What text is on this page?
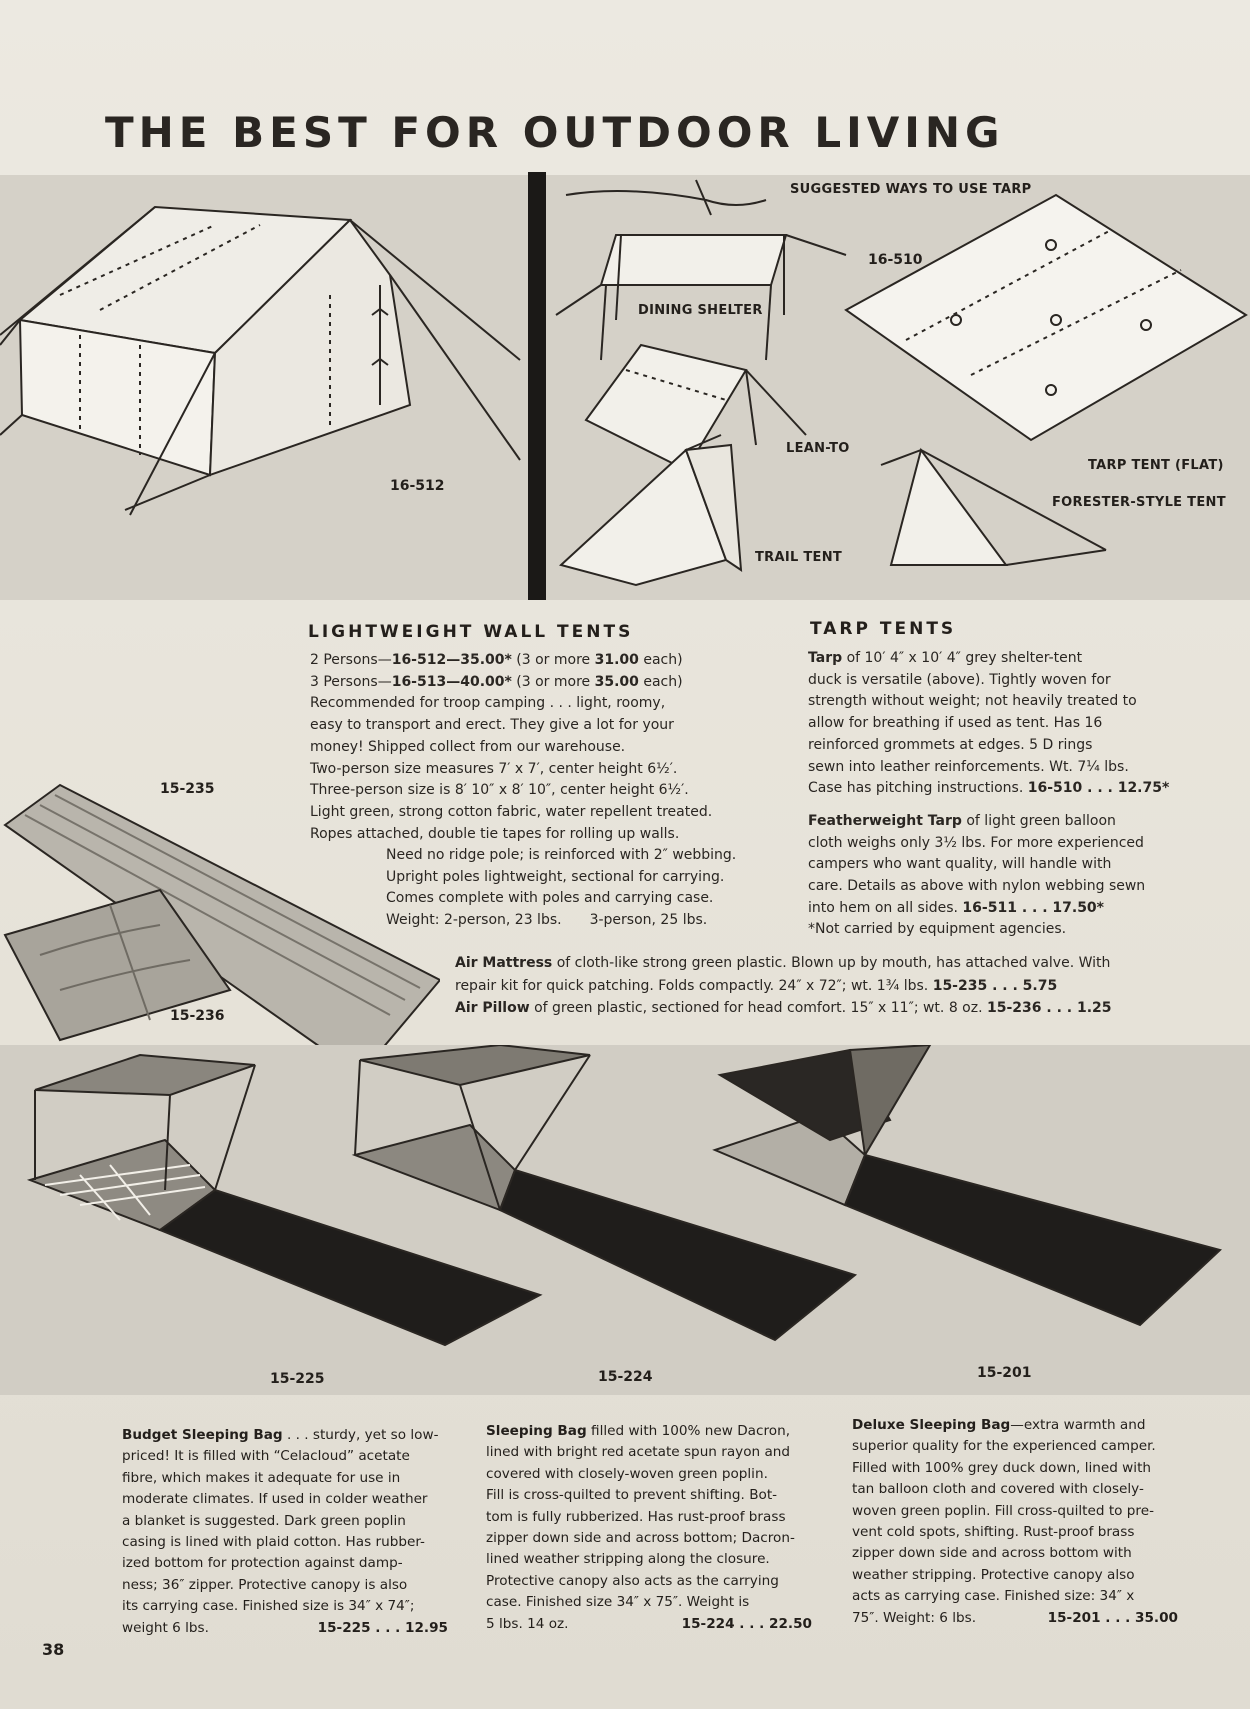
THE BEST FOR OUTDOOR LIVING
16-512
SUGGESTED WAYS TO USE TARP
16-510
DINING SHELTER
LEAN-TO
TRAIL TENT
TARP TENT (FLAT)
FORESTER-STYLE TENT
15-235
15-236
LIGHTWEIGHT WALL TENTS

2 Persons—16-512—35.00* (3 or more 31.00 each)

3 Persons—16-513—40.00* (3 or more 35.00 each)

Recommended for troop camping . . . light, roomy,

easy to transport and erect. They give a lot for your

money! Shipped collect from our warehouse.

Two-person size measures 7′ x 7′, center height 6½′.

Three-person size is 8′ 10″ x 8′ 10″, center height 6½′.

Light green, strong cotton fabric, water repellent treated.

Ropes attached, double tie tapes for rolling up walls.

Need no ridge pole; is reinforced with 2″ webbing.

Upright poles lightweight, sectional for carrying.

Comes complete with poles and carrying case.

Weight: 2-person, 23 lbs. 3-person, 25 lbs.

TARP TENTS

Tarp of 10′ 4″ x 10′ 4″ grey shelter-tent

duck is versatile (above). Tightly woven for

strength without weight; not heavily treated to

allow for breathing if used as tent. Has 16

reinforced grommets at edges. 5 D rings

sewn into leather reinforcements. Wt. 7¼ lbs.

Case has pitching instructions. 16-510 . . . 12.75*

Featherweight Tarp of light green balloon

cloth weighs only 3½ lbs. For more experienced

campers who want quality, will handle with

care. Details as above with nylon webbing sewn

into hem on all sides. 16-511 . . . 17.50*

*Not carried by equipment agencies.

Air Mattress of cloth-like strong green plastic. Blown up by mouth, has attached valve. With

repair kit for quick patching. Folds compactly. 24″ x 72″; wt. 1¾ lbs. 15-235 . . . 5.75

Air Pillow of green plastic, sectioned for head comfort. 15″ x 11″; wt. 8 oz. 15-236 . . . 1.25

15-225	15-224	15-201

Budget Sleeping Bag . . . sturdy, yet so low-

priced! It is filled with “Celacloud” acetate

fibre, which makes it adequate for use in

moderate climates. If used in colder weather

a blanket is suggested. Dark green poplin

casing is lined with plaid cotton. Has rubber-

ized bottom for protection against damp-

ness; 36″ zipper. Protective canopy is also

its carrying case. Finished size is 34″ x 74″;

weight 6 lbs.	15-225 . . . 12.95

Sleeping Bag filled with 100% new Dacron,

lined with bright red acetate spun rayon and

covered with closely-woven green poplin.

Fill is cross-quilted to prevent shifting. Bot-

tom is fully rubberized. Has rust-proof brass

zipper down side and across bottom; Dacron-

lined weather stripping along the closure.

Protective canopy also acts as the carrying

case. Finished size 34″ x 75″. Weight is

5 lbs. 14 oz.	15-224 . . . 22.50

Deluxe Sleeping Bag—extra warmth and

superior quality for the experienced camper.

Filled with 100% grey duck down, lined with

tan balloon cloth and covered with closely-

woven green poplin. Fill cross-quilted to pre-

vent cold spots, shifting. Rust-proof brass

zipper down side and across bottom with

weather stripping. Protective canopy also

acts as carrying case. Finished size: 34″ x

75″. Weight: 6 lbs.	15-201 . . . 35.00

38
